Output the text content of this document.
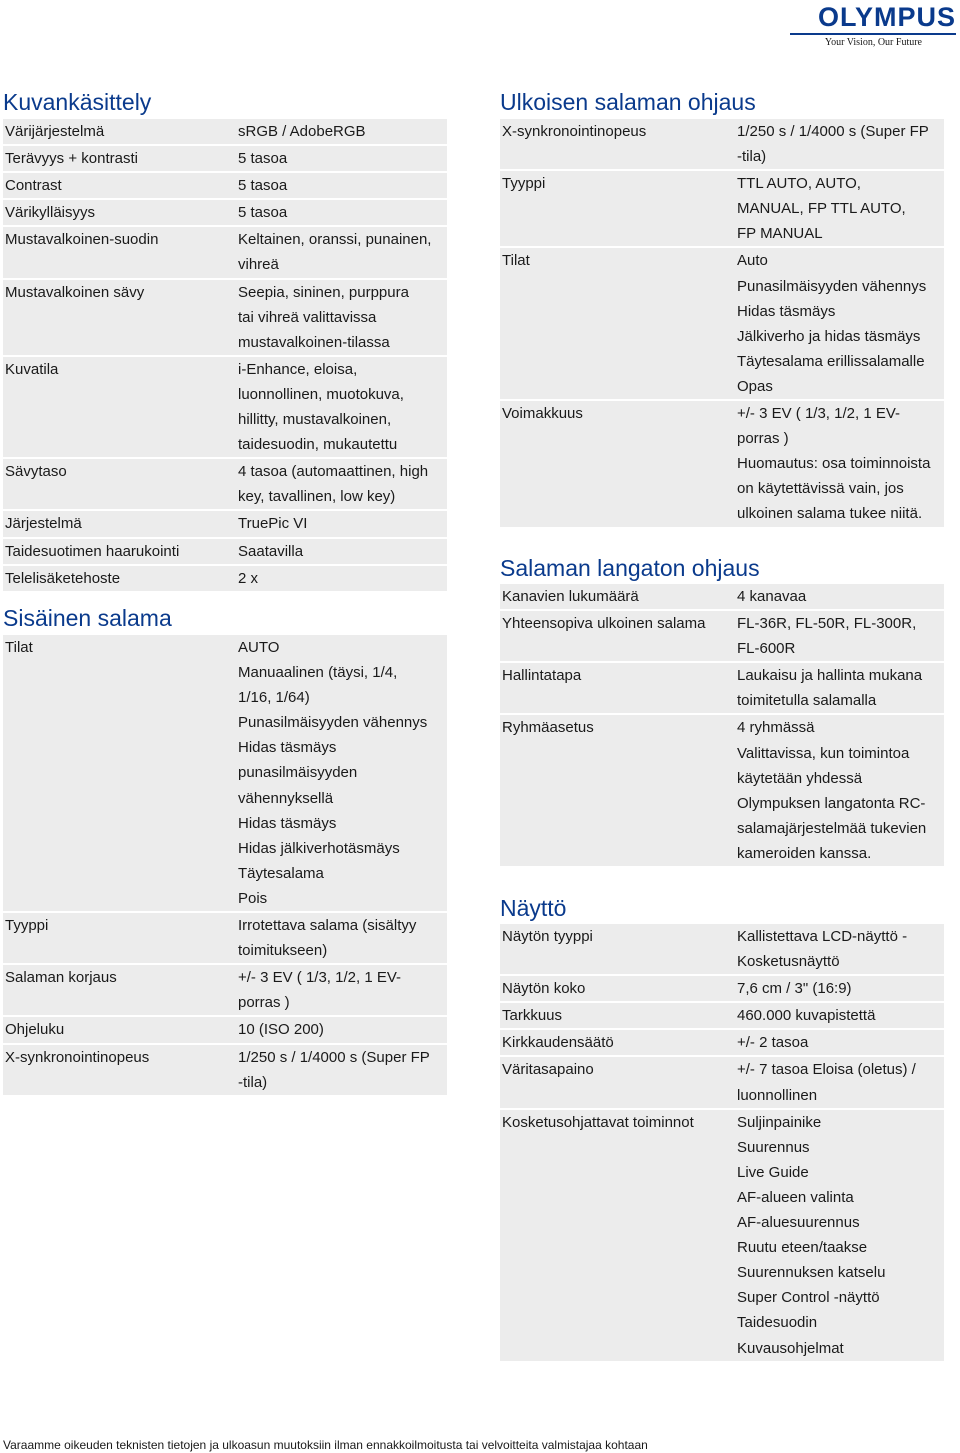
OLYMPUS
Your Vision, Our Future
Kuvankäsittely
Värijärjestelmä	sRGB / AdobeRGB
Terävyys + kontrasti	5 tasoa
Contrast	5 tasoa
Värikylläisyys	5 tasoa
Mustavalkoinen-suodin	Keltainen, oranssi, punainen,
vihreä
Mustavalkoinen sävy	Seepia, sininen, purppura
tai vihreä valittavissa
mustavalkoinen-tilassa
Kuvatila	i-Enhance, eloisa,
luonnollinen, muotokuva,
hillitty, mustavalkoinen,
taidesuodin, mukautettu
Sävytaso	4 tasoa (automaattinen, high
key, tavallinen, low key)
Järjestelmä	TruePic VI
Taidesuotimen haarukointi	Saatavilla
Telelisäketehoste	2 x
Sisäinen salama
Tilat	AUTO
Manuaalinen (täysi, 1/4,
1/16, 1/64)
Punasilmäisyyden vähennys
Hidas täsmäys
punasilmäisyyden
vähennyksellä
Hidas täsmäys
Hidas jälkiverhotäsmäys
Täytesalama
Pois
Tyyppi	Irrotettava salama (sisältyy
toimitukseen)
Salaman korjaus	+/- 3 EV ( 1/3, 1/2, 1 EV-
porras )
Ohjeluku	10 (ISO 200)
X-synkronointinopeus	1/250 s / 1/4000 s (Super FP
-tila)
Ulkoisen salaman ohjaus
X-synkronointinopeus	1/250 s / 1/4000 s (Super FP
-tila)
Tyyppi	TTL AUTO, AUTO,
MANUAL, FP TTL AUTO,
FP MANUAL
Tilat	Auto
Punasilmäisyyden vähennys
Hidas täsmäys
Jälkiverho ja hidas täsmäys
Täytesalama erillissalamalle
Opas
Voimakkuus	+/- 3 EV ( 1/3, 1/2, 1 EV-
porras )
Huomautus: osa toiminnoista
on käytettävissä vain, jos
ulkoinen salama tukee niitä.
Salaman langaton ohjaus
Kanavien lukumäärä	4 kanavaa
Yhteensopiva ulkoinen salama	FL-36R, FL-50R, FL-300R,
FL-600R
Hallintatapa	Laukaisu ja hallinta mukana
toimitetulla salamalla
Ryhmäasetus	4 ryhmässä
Valittavissa, kun toimintoa
käytetään yhdessä
Olympuksen langatonta RC-
salamajärjestelmää tukevien
kameroiden kanssa.
Näyttö
Näytön tyyppi	Kallistettava LCD-näyttö -
Kosketusnäyttö
Näytön koko	7,6 cm / 3" (16:9)
Tarkkuus	460.000 kuvapistettä
Kirkkaudensäätö	+/- 2 tasoa
Väritasapaino	+/- 7 tasoa Eloisa (oletus) /
luonnollinen
Kosketusohjattavat toiminnot	Suljinpainike
Suurennus
Live Guide
AF-alueen valinta
AF-aluesuurennus
Ruutu eteen/taakse
Suurennuksen katselu
Super Control -näyttö
Taidesuodin
Kuvausohjelmat
Varaamme oikeuden teknisten tietojen ja ulkoasun muutoksiin ilman ennakkoilmoitusta tai velvoitteita valmistajaa kohtaan
